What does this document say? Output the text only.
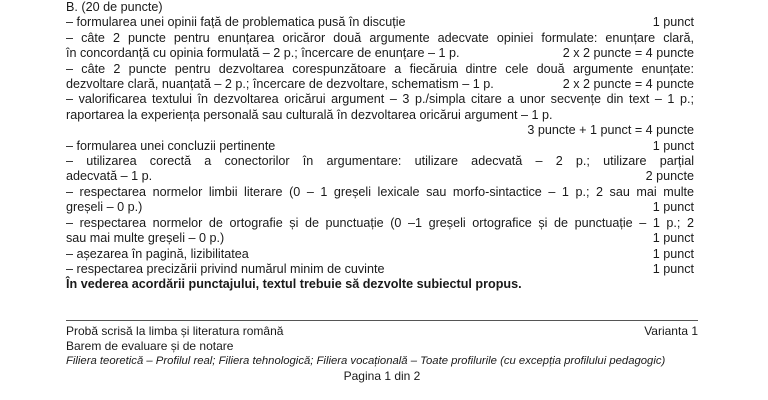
B. (20 de puncte)
– formularea unei opinii față de problematica pusă în discuție	1 punct
– câte 2 puncte pentru enunțarea oricăror două argumente adecvate opiniei formulate: enunțare clară,
în concordanță cu opinia formulată – 2 p.; încercare de enunțare – 1 p.	2 x 2 puncte = 4 puncte
– câte 2 puncte pentru dezvoltarea corespunzătoare a fiecăruia dintre cele două argumente enunțate:
dezvoltare clară, nuanțată – 2 p.; încercare de dezvoltare, schematism – 1 p.	2 x 2 puncte = 4 puncte
– valorificarea textului în dezvoltarea oricărui argument – 3 p./simpla citare a unor secvențe din text – 1 p.;
raportarea la experiența personală sau culturală în dezvoltarea oricărui argument – 1 p.
3 puncte + 1 punct = 4 puncte
– formularea unei concluzii pertinente	1 punct
– utilizarea corectă a conectorilor în argumentare: utilizare adecvată – 2 p.; utilizare parțial
adecvată – 1 p.	2 puncte
– respectarea normelor limbii literare (0 – 1 greșeli lexicale sau morfo-sintactice – 1 p.; 2 sau mai multe
greșeli – 0 p.)	1 punct
– respectarea normelor de ortografie și de punctuație (0 –1 greșeli ortografice și de punctuație – 1 p.; 2
sau mai multe greșeli – 0 p.)	1 punct
– așezarea în pagină, lizibilitatea	1 punct
– respectarea precizării privind numărul minim de cuvinte	1 punct
În vederea acordării punctajului, textul trebuie să dezvolte subiectul propus.
Probă scrisă la limba și literatura română	Varianta 1
Barem de evaluare și de notare
Filiera teoretică – Profilul real; Filiera tehnologică; Filiera vocațională – Toate profilurile (cu excepția profilului pedagogic)
Pagina 1 din 2
